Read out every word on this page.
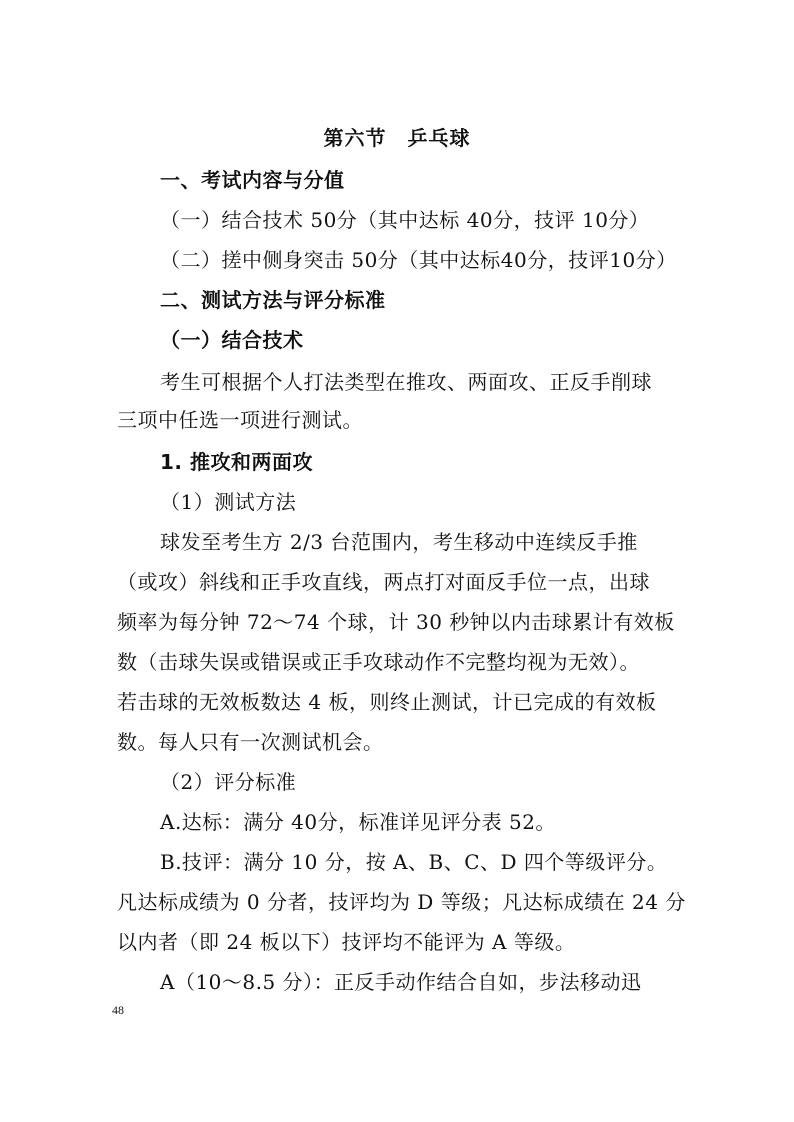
第六节　乒乓球
一、考试内容与分值
（一）结合技术 50分（其中达标 40分，技评 10分）
（二）搓中侧身突击 50分（其中达标40分，技评10分）
二、测试方法与评分标准
（一）结合技术
考生可根据个人打法类型在推攻、两面攻、正反手削球
三项中任选一项进行测试。
1. 推攻和两面攻
（1）测试方法
球发至考生方 2/3 台范围内，考生移动中连续反手推
（或攻）斜线和正手攻直线，两点打对面反手位一点，出球
频率为每分钟 72～74 个球，计 30 秒钟以内击球累计有效板
数（击球失误或错误或正手攻球动作不完整均视为无效）。
若击球的无效板数达 4 板，则终止测试，计已完成的有效板
数。每人只有一次测试机会。
（2）评分标准
A.达标：满分 40分，标准详见评分表 52。
B.技评：满分 10 分，按 A、B、C、D 四个等级评分。
凡达标成绩为 0 分者，技评均为 D 等级；凡达标成绩在 24 分
以内者（即 24 板以下）技评均不能评为 A 等级。
A（10～8.5 分）：正反手动作结合自如，步法移动迅
48
